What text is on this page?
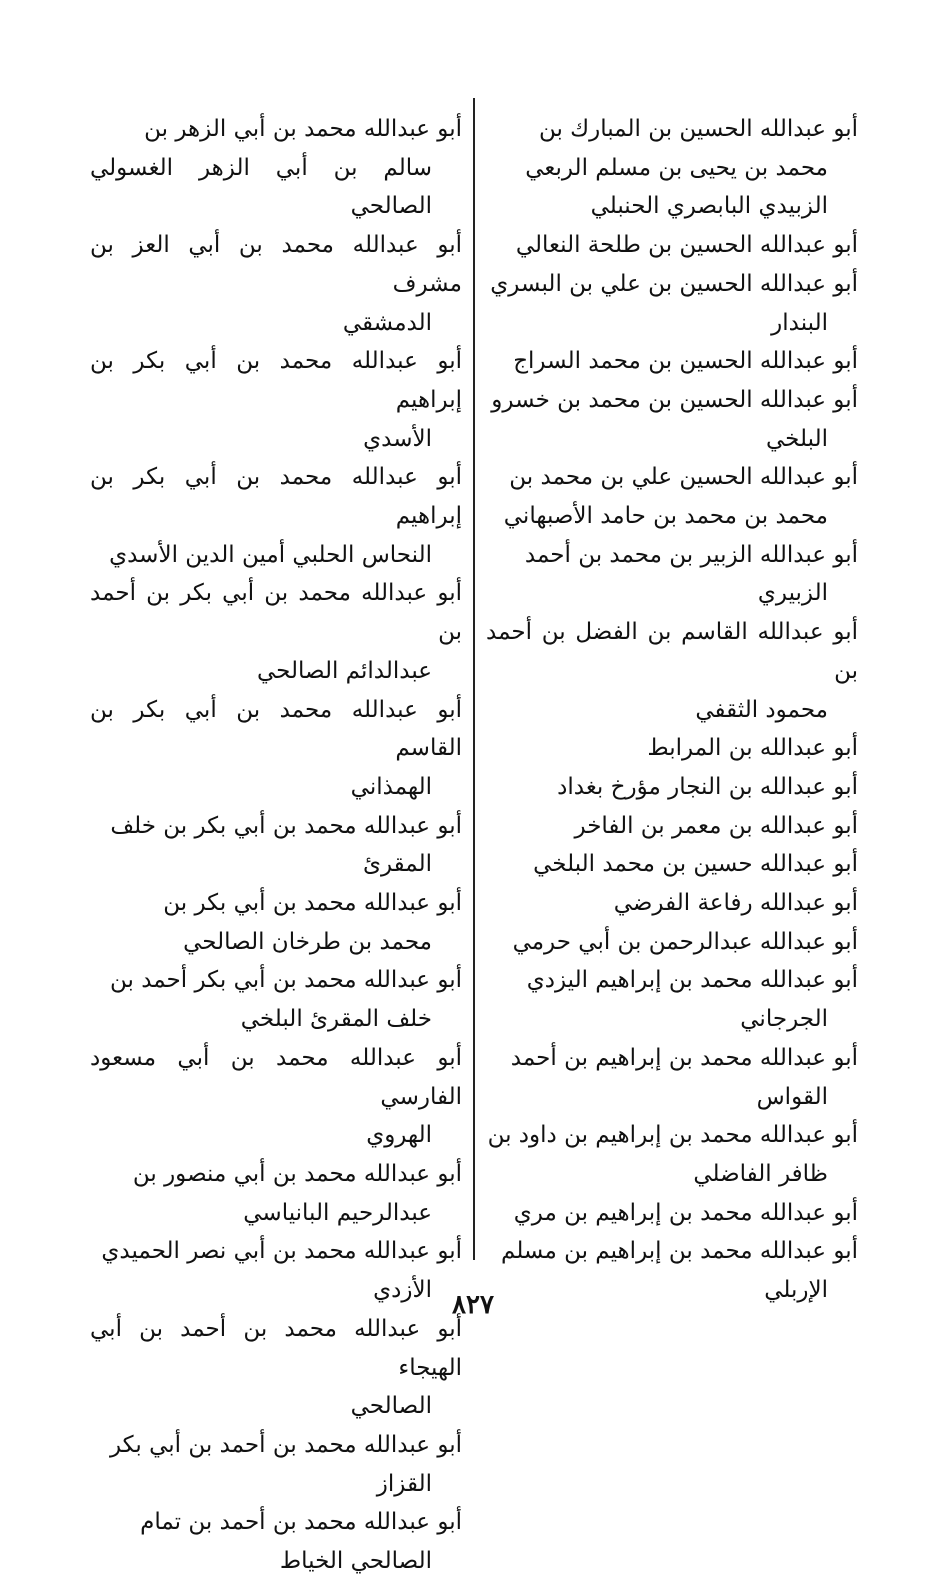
أبو عبدالله الحسين بن المبارك بن
محمد بن يحيى بن مسلم الربعي
الزبيدي البابصري الحنبلي
أبو عبدالله الحسين بن طلحة النعالي
أبو عبدالله الحسين بن علي بن البسري
البندار
أبو عبدالله الحسين بن محمد السراج
أبو عبدالله الحسين بن محمد بن خسرو
البلخي
أبو عبدالله الحسين علي بن محمد بن
محمد بن محمد بن حامد الأصبهاني
أبو عبدالله الزبير بن محمد بن أحمد
الزبيري
أبو عبدالله القاسم بن الفضل بن أحمد بن
محمود الثقفي
أبو عبدالله بن المرابط
أبو عبدالله بن النجار مؤرخ بغداد
أبو عبدالله بن معمر بن الفاخر
أبو عبدالله حسين بن محمد البلخي
أبو عبدالله رفاعة الفرضي
أبو عبدالله عبدالرحمن بن أبي حرمي
أبو عبدالله محمد بن إبراهيم اليزدي
الجرجاني
أبو عبدالله محمد بن إبراهيم بن أحمد
القواس
أبو عبدالله محمد بن إبراهيم بن داود بن
ظافر الفاضلي
أبو عبدالله محمد بن إبراهيم بن مري
أبو عبدالله محمد بن إبراهيم بن مسلم
الإربلي
أبو عبدالله محمد بن أبي الزهر بن
سالم بن أبي الزهر الغسولي الصالحي
أبو عبدالله محمد بن أبي العز بن مشرف
الدمشقي
أبو عبدالله محمد بن أبي بكر بن إبراهيم
الأسدي
أبو عبدالله محمد بن أبي بكر بن إبراهيم
النحاس الحلبي أمين الدين الأسدي
أبو عبدالله محمد بن أبي بكر بن أحمد بن
عبدالدائم الصالحي
أبو عبدالله محمد بن أبي بكر بن القاسم
الهمذاني
أبو عبدالله محمد بن أبي بكر بن خلف
المقرئ
أبو عبدالله محمد بن أبي بكر بن
محمد بن طرخان الصالحي
أبو عبدالله محمد بن أبي بكر أحمد بن
خلف المقرئ البلخي
أبو عبدالله محمد بن أبي مسعود الفارسي
الهروي
أبو عبدالله محمد بن أبي منصور بن
عبدالرحيم البانياسي
أبو عبدالله محمد بن أبي نصر الحميدي
الأزدي
أبو عبدالله محمد بن أحمد بن أبي الهيجاء
الصالحي
أبو عبدالله محمد بن أحمد بن أبي بكر
القزاز
أبو عبدالله محمد بن أحمد بن تمام
الصالحي الخياط
٨٢٧
